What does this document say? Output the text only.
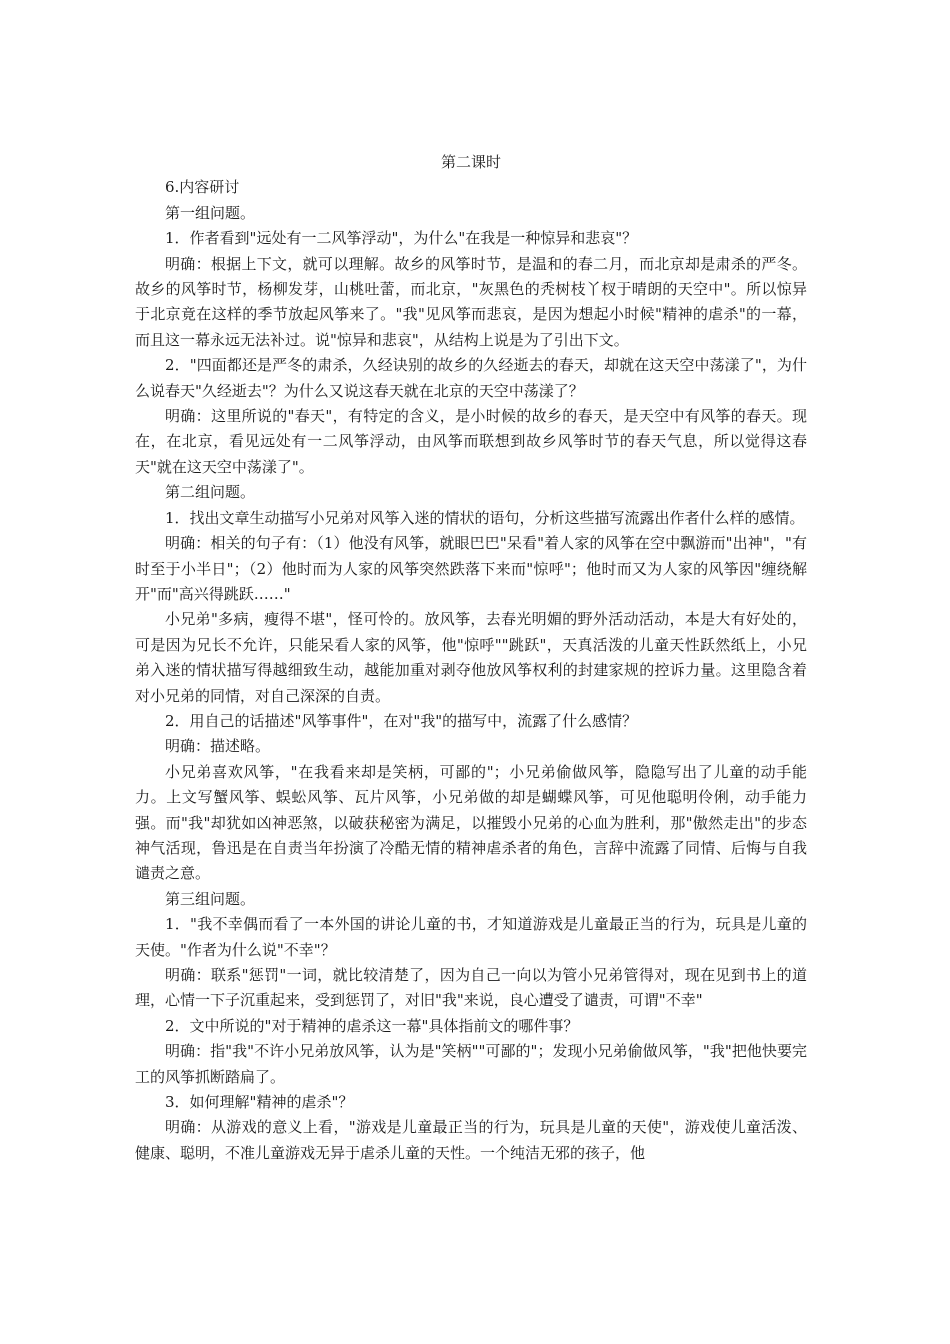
第二课时

6.内容研讨

第一组问题。

1．作者看到"远处有一二风筝浮动"，为什么"在我是一种惊异和悲哀"？

明确：根据上下文，就可以理解。故乡的风筝时节，是温和的春二月，而北京却是肃杀的严冬。故乡的风筝时节，杨柳发芽，山桃吐蕾，而北京，"灰黑色的秃树枝丫杈于晴朗的天空中"。所以惊异于北京竟在这样的季节放起风筝来了。"我"见风筝而悲哀，是因为想起小时候"精神的虐杀"的一幕，而且这一幕永远无法补过。说"惊异和悲哀"，从结构上说是为了引出下文。

2．"四面都还是严冬的肃杀，久经诀别的故乡的久经逝去的春天，却就在这天空中荡漾了"，为什么说春天"久经逝去"？为什么又说这春天就在北京的天空中荡漾了？

明确：这里所说的"春天"，有特定的含义，是小时候的故乡的春天，是天空中有风筝的春天。现在，在北京，看见远处有一二风筝浮动，由风筝而联想到故乡风筝时节的春天气息，所以觉得这春天"就在这天空中荡漾了"。

第二组问题。

1．找出文章生动描写小兄弟对风筝入迷的情状的语句，分析这些描写流露出作者什么样的感情。

明确：相关的句子有：（1）他没有风筝，就眼巴巴"呆看"着人家的风筝在空中飘游而"出神"，"有时至于小半日"；（2）他时而为人家的风筝突然跌落下来而"惊呼"；他时而又为人家的风筝因"缠绕解开"而"高兴得跳跃……"

小兄弟"多病，瘦得不堪"，怪可怜的。放风筝，去春光明媚的野外活动活动，本是大有好处的，可是因为兄长不允许，只能呆看人家的风筝，他"惊呼""跳跃"，天真活泼的儿童天性跃然纸上，小兄弟入迷的情状描写得越细致生动，越能加重对剥夺他放风筝权利的封建家规的控诉力量。这里隐含着对小兄弟的同情，对自己深深的自责。

2．用自己的话描述"风筝事件"，在对"我"的描写中，流露了什么感情？

明确：描述略。

小兄弟喜欢风筝，"在我看来却是笑柄，可鄙的"；小兄弟偷做风筝，隐隐写出了儿童的动手能力。上文写蟹风筝、蜈蚣风筝、瓦片风筝，小兄弟做的却是蝴蝶风筝，可见他聪明伶俐，动手能力强。而"我"却犹如凶神恶煞，以破获秘密为满足，以摧毁小兄弟的心血为胜利，那"傲然走出"的步态神气活现，鲁迅是在自责当年扮演了冷酷无情的精神虐杀者的角色，言辞中流露了同情、后悔与自我谴责之意。

第三组问题。

1．"我不幸偶而看了一本外国的讲论儿童的书，才知道游戏是儿童最正当的行为，玩具是儿童的天使。"作者为什么说"不幸"？

明确：联系"惩罚"一词，就比较清楚了，因为自己一向以为管小兄弟管得对，现在见到书上的道理，心情一下子沉重起来，受到惩罚了，对旧"我"来说，良心遭受了谴责，可谓"不幸"

2．文中所说的"对于精神的虐杀这一幕"具体指前文的哪件事？

明确：指"我"不许小兄弟放风筝，认为是"笑柄""可鄙的"；发现小兄弟偷做风筝，"我"把他快要完工的风筝抓断踏扁了。

3．如何理解"精神的虐杀"？

明确：从游戏的意义上看，"游戏是儿童最正当的行为，玩具是儿童的天使"，游戏使儿童活泼、健康、聪明，不准儿童游戏无异于虐杀儿童的天性。一个纯洁无邪的孩子，他
